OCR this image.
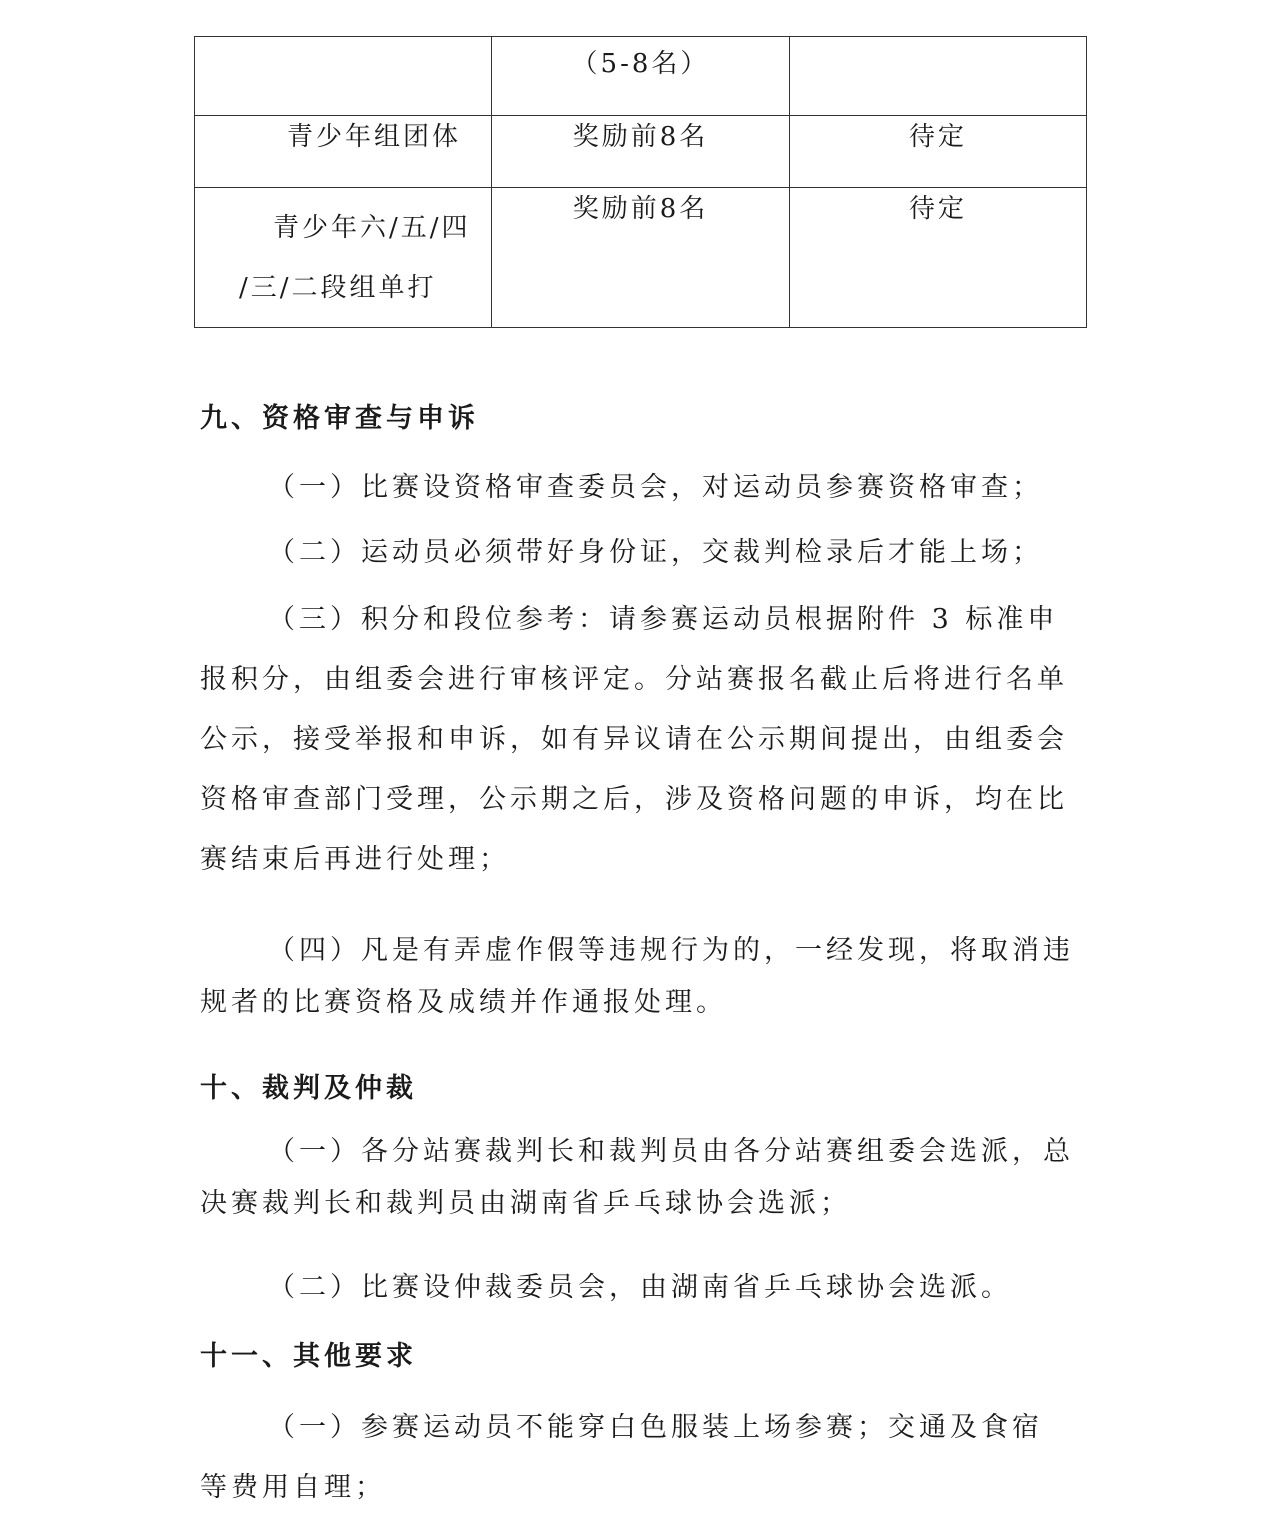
	（5-8名）	
青少年组团体	奖励前8名	待定

青少年六/五/四
/三/二段组单打	奖励前8名	待定
九、资格审查与申诉

（一）比赛设资格审查委员会，对运动员参赛资格审查；

（二）运动员必须带好身份证，交裁判检录后才能上场；

（三）积分和段位参考：请参赛运动员根据附件 3 标准申报积分，由组委会进行审核评定。分站赛报名截止后将进行名单公示，接受举报和申诉，如有异议请在公示期间提出，由组委会资格审查部门受理，公示期之后，涉及资格问题的申诉，均在比赛结束后再进行处理；

（四）凡是有弄虚作假等违规行为的，一经发现，将取消违规者的比赛资格及成绩并作通报处理。

十、裁判及仲裁

（一）各分站赛裁判长和裁判员由各分站赛组委会选派，总决赛裁判长和裁判员由湖南省乒乓球协会选派；

（二）比赛设仲裁委员会，由湖南省乒乓球协会选派。

十一、其他要求

（一）参赛运动员不能穿白色服装上场参赛；交通及食宿等费用自理；
